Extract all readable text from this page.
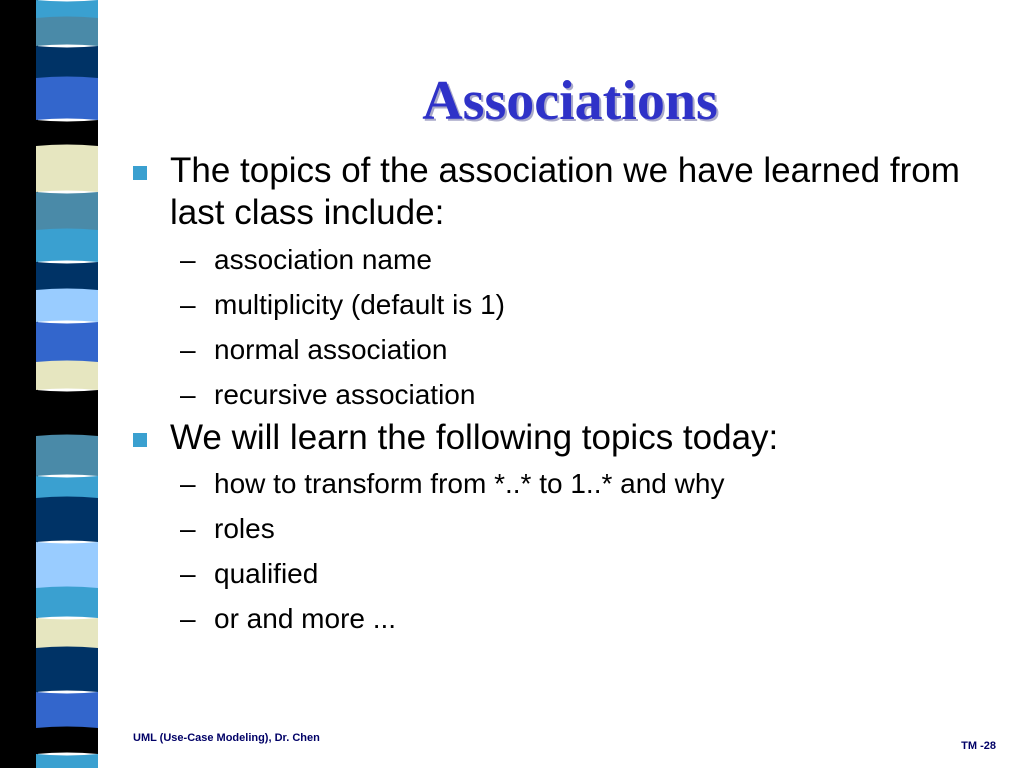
Associations
The topics of the association we have learned from last class include:
– association name
– multiplicity (default is 1)
– normal association
– recursive association
We will learn the following topics today:
– how to transform from *..* to 1..* and why
– roles
– qualified
– or and more ...
UML (Use-Case Modeling), Dr. Chen
TM -28
